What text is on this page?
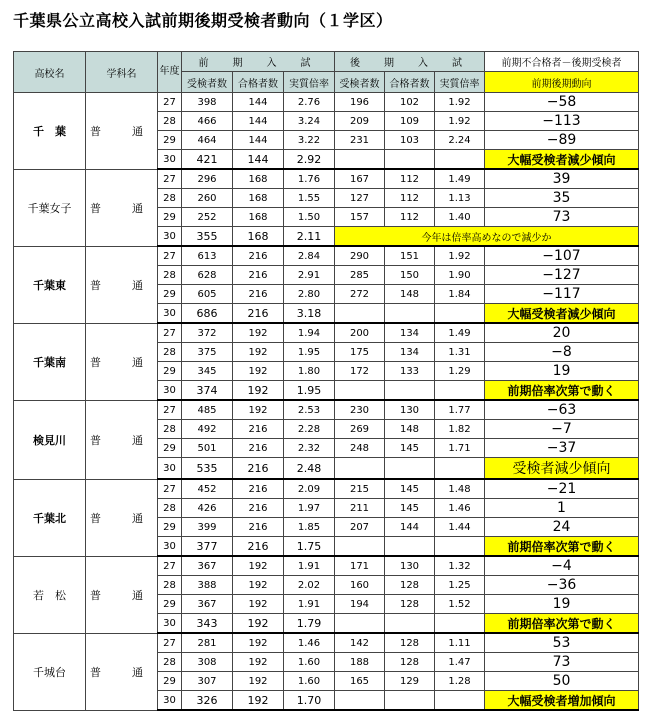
千葉県公立高校入試前期後期受検者動向（１学区）
高校名	学科名	年度	前　期　入　試			後　期　入　試			前期不合格者－後期受検者
			受検者数	合格者数	実質倍率	受検者数	合格者数	実質倍率	前期後期動向
千　葉	普　通	27	398	144	2.76	196	102	1.92	−58
		28	466	144	3.24	209	109	1.92	−113
		29	464	144	3.22	231	103	2.24	−89
		30	421	144	2.92				大幅受検者減少傾向
千葉女子	普　通	27	296	168	1.76	167	112	1.49	39
		28	260	168	1.55	127	112	1.13	35
		29	252	168	1.50	157	112	1.40	73
		30	355	168	2.11	今年は倍率高めなので減少か			
千葉東	普　通	27	613	216	2.84	290	151	1.92	−107
		28	628	216	2.91	285	150	1.90	−127
		29	605	216	2.80	272	148	1.84	−117
		30	686	216	3.18				大幅受検者減少傾向
千葉南	普　通	27	372	192	1.94	200	134	1.49	20
		28	375	192	1.95	175	134	1.31	−8
		29	345	192	1.80	172	133	1.29	19
		30	374	192	1.95				前期倍率次第で動く
検見川	普　通	27	485	192	2.53	230	130	1.77	−63
		28	492	216	2.28	269	148	1.82	−7
		29	501	216	2.32	248	145	1.71	−37
		30	535	216	2.48				受検者減少傾向
千葉北	普　通	27	452	216	2.09	215	145	1.48	−21
		28	426	216	1.97	211	145	1.46	1
		29	399	216	1.85	207	144	1.44	24
		30	377	216	1.75				前期倍率次第で動く
若　松	普　通	27	367	192	1.91	171	130	1.32	−4
		28	388	192	2.02	160	128	1.25	−36
		29	367	192	1.91	194	128	1.52	19
		30	343	192	1.79				前期倍率次第で動く
千城台	普　通	27	281	192	1.46	142	128	1.11	53
		28	308	192	1.60	188	128	1.47	73
		29	307	192	1.60	165	129	1.28	50
		30	326	192	1.70				大幅受検者増加傾向
